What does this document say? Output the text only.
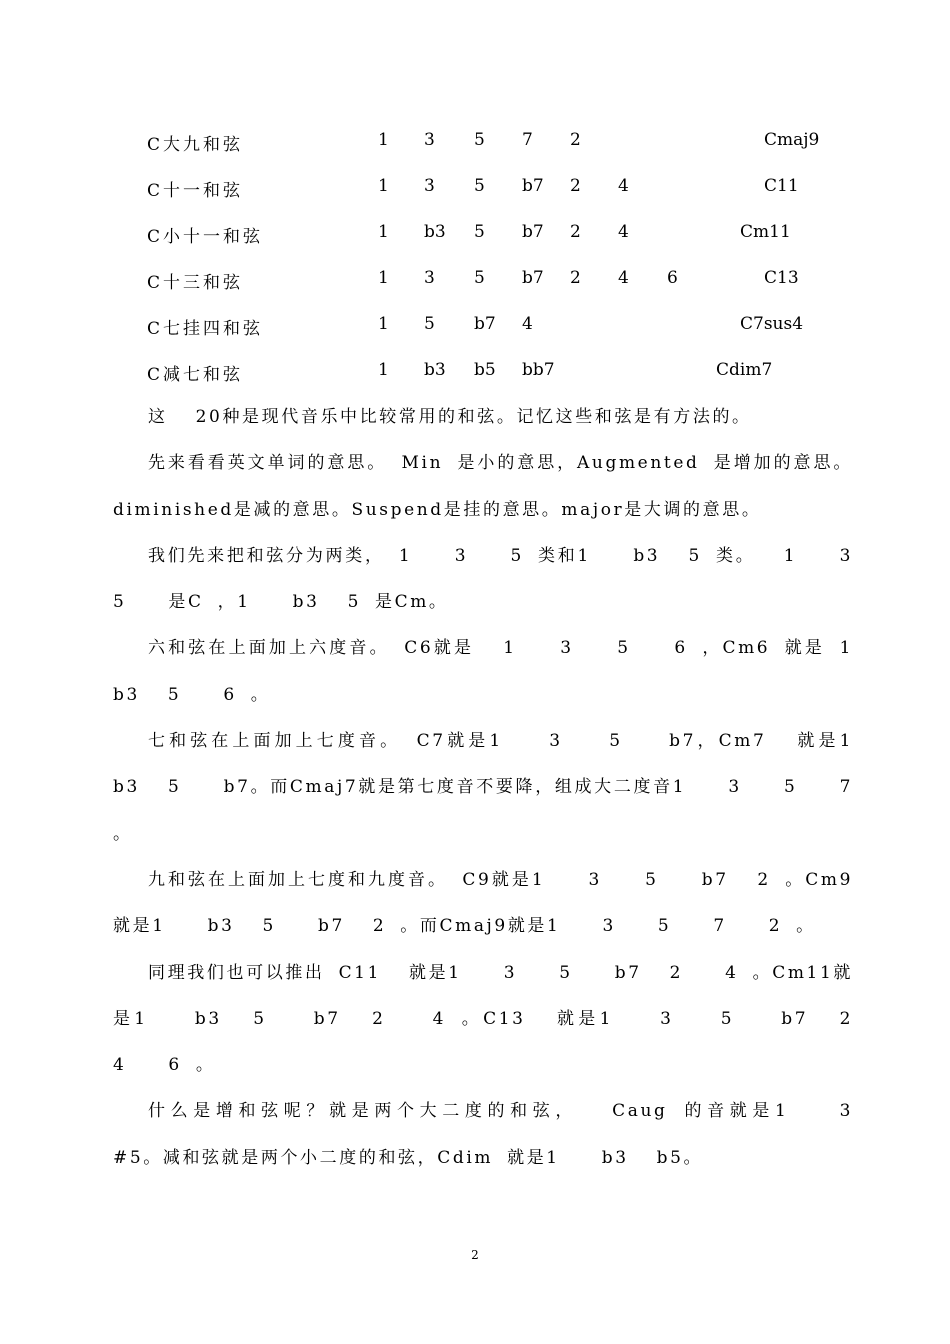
C大九和弦	1 3 5 7 2	Cmaj9
C十一和弦	1 3 5 b7 2 4	C11
C小十一和弦	1 b3 5 b7 2 4	Cm11
C十三和弦	1 3 5 b7 2 4 6	C13
C七挂四和弦	1 5 b7 4	C7sus4
C减七和弦	1 b3 b5 bb7	Cdim7

这  20种是现代音乐中比较常用的和弦。记忆这些和弦是有方法的。

先来看看英文单词的意思。 Min 是小的意思，Augmented 是增加的意思。diminished是减的意思。Suspend是挂的意思。major是大调的意思。

我们先来把和弦分为两类， 1   3   5 类和1   b3  5 类。  1   3   5   是C ，1   b3  5 是Cm。

六和弦在上面加上六度音。 C6就是  1   3   5   6 ，Cm6 就是 1   b3  5   6 。

七和弦在上面加上七度音。 C7就是1   3   5   b7，Cm7  就是1   b3  5   b7。而Cmaj7就是第七度音不要降，组成大二度音1   3   5   7 。

九和弦在上面加上七度和九度音。 C9就是1   3   5   b7  2 。Cm9  就是1   b3  5   b7  2 。而Cmaj9就是1   3   5   7   2 。

同理我们也可以推出 C11  就是1   3   5   b7  2   4 。Cm11就是1   b3  5   b7  2   4 。C13  就是1   3   5   b7  2   4   6 。

什么是增和弦呢？就是两个大二度的和弦，  Caug 的音就是1   3   #5。减和弦就是两个小二度的和弦，Cdim 就是1   b3  b5。

2
